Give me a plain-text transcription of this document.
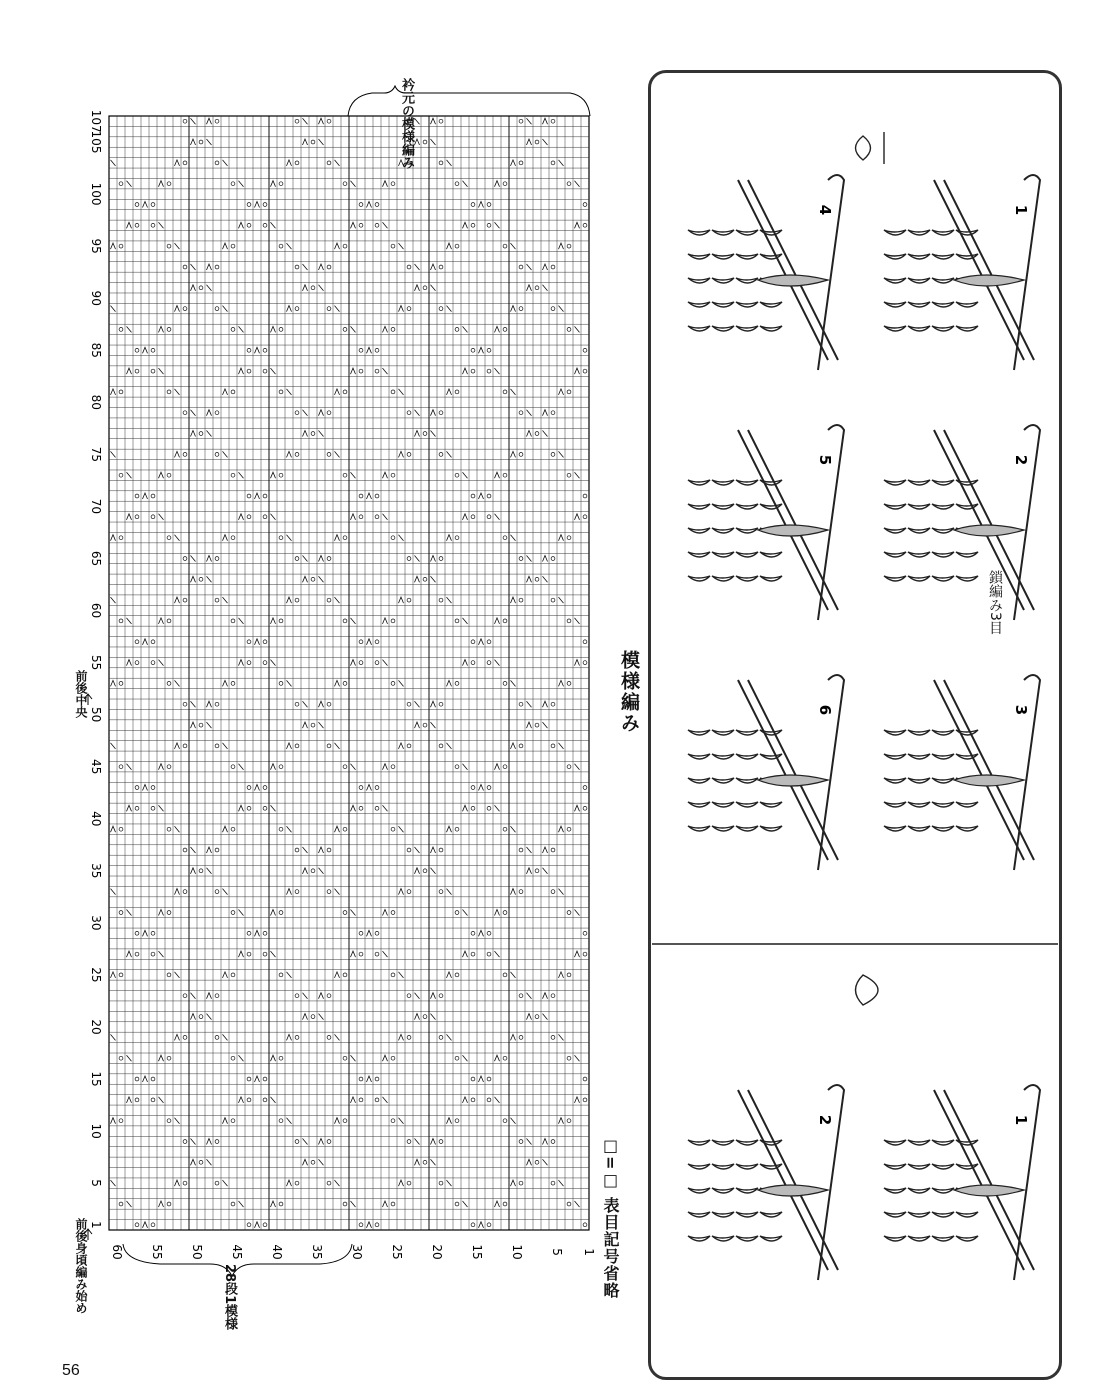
107
105
100
95
90
85
80
75
70
65
60
55
50
45
40
35
30
25
20
15
10
5
1
1
5
10
15
20
25
30
35
40
45
50
55
60
模様編み
□=□ 表目記号省略
衿元の模様編み
前後身頃編み始め
前後中央
28段1模様
1
2
3
4
5
6
1
2
鎖編み3目
56
